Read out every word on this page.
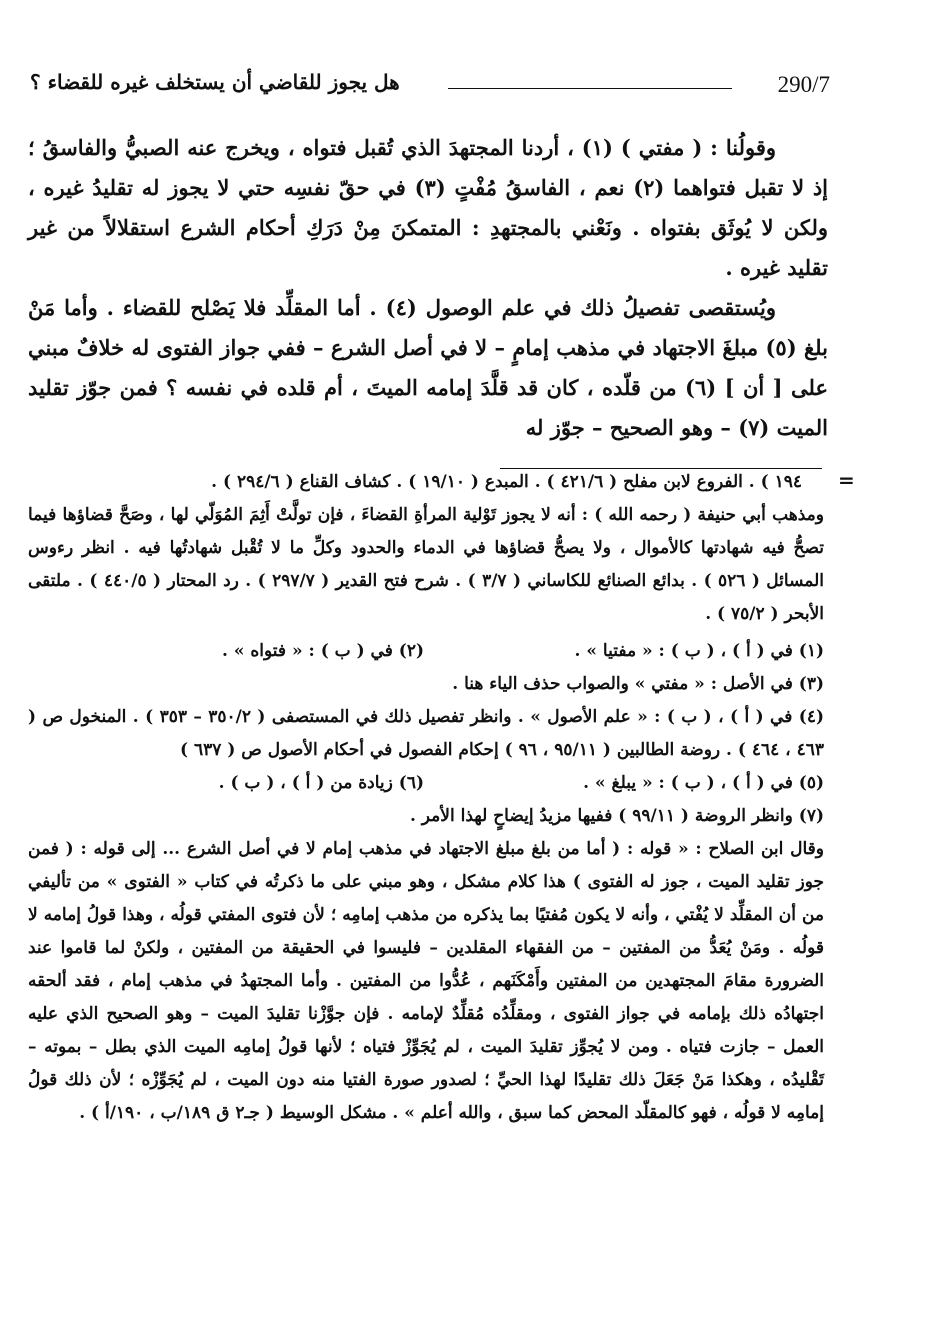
هل يجوز للقاضي أن يستخلف غيره للقضاء ؟	290/7

وقولُنا : ( مفتي ) (١) ، أردنا المجتهدَ الذي تُقبل فتواه ، ويخرج عنه الصبيُّ والفاسقُ ؛ إذ لا تقبل فتواهما (٢) نعم ، الفاسقُ مُفْتٍ (٣) في حقّ نفسِه حتي لا يجوز له تقليدُ غيره ، ولكن لا يُوثَق بفتواه . ونَعْني بالمجتهدِ : المتمكنَ مِنْ دَرَكِ أحكام الشرع استقلالاً من غير تقليد غيره .

ويُستقصى تفصيلُ ذلك في علم الوصول (٤) . أما المقلِّد فلا يَصْلح للقضاء . وأما مَنْ بلغ (٥) مبلغَ الاجتهاد في مذهب إمامٍ – لا في أصل الشرع – ففي جواز الفتوى له خلافٌ مبني على [ أن ] (٦) من قلّده ، كان قد قلَّدَ إمامه الميتَ ، أم قلده في نفسه ؟ فمن جوّز تقليد الميت (٧) – وهو الصحيح – جوّز له

١٩٤ ) . الفروع لابن مفلح ( ٤٢١/٦ ) . المبدع ( ١٩/١٠ ) . كشاف القناع ( ٢٩٤/٦ ) .

ومذهب أبي حنيفة ( رحمه الله ) : أنه لا يجوز تَوْلية المرأةِ القضاءَ ، فإن تولَّتْ أَثِمَ المُوَلّي لها ، وصَحَّ قضاؤها فيما تصحُّ فيه شهادتها كالأموال ، ولا يصحُّ قضاؤها في الدماء والحدود وكلِّ ما لا تُقْبل شهادتُها فيه . انظر رءوس المسائل ( ٥٢٦ ) . بدائع الصنائع للكاساني ( ٣/٧ ) . شرح فتح القدير ( ٢٩٧/٧ ) . رد المحتار ( ٤٤٠/٥ ) . ملتقى الأبحر ( ٧٥/٢ ) .

(١) في ( أ ) ، ( ب ) : « مفتيا » .
(٢) في ( ب ) : « فتواه » .

(٣) في الأصل : « مفتي » والصواب حذف الياء هنا .

(٤) في ( أ ) ، ( ب ) : « علم الأصول » . وانظر تفصيل ذلك في المستصفى ( ٣٥٠/٢ – ٣٥٣ ) . المنخول ص ( ٤٦٣ ، ٤٦٤ ) . روضة الطالبين ( ٩٥/١١ ، ٩٦ ) إحكام الفصول في أحكام الأصول ص ( ٦٣٧ )

(٥) في ( أ ) ، ( ب ) : « يبلغ » .
(٦) زيادة من ( أ ) ، ( ب ) .

(٧) وانظر الروضة ( ٩٩/١١ ) ففيها مزيدُ إيضاحٍ لهذا الأمر .

وقال ابن الصلاح : « قوله : ( أما من بلغ مبلغ الاجتهاد في مذهب إمام لا في أصل الشرع ... إلى قوله : ( فمن جوز تقليد الميت ، جوز له الفتوى ) هذا كلام مشكل ، وهو مبني على ما ذكرتُه في كتاب « الفتوى » من تأليفي من أن المقلِّد لا يُفْتي ، وأنه لا يكون مُفتيًا بما يذكره من مذهب إمامِه ؛ لأن فتوى المفتي قولُه ، وهذا قولُ إمامه لا قولُه . ومَنْ يُعَدُّ من المفتين – من الفقهاء المقلدين – فليسوا في الحقيقة من المفتين ، ولكنْ لما قاموا عند الضرورة مقامَ المجتهدين من المفتين وأَمْكَنَهم ، عُدُّوا من المفتين . وأما المجتهدُ في مذهب إمام ، فقد ألحقه اجتهادُه ذلك بإمامه في جواز الفتوى ، ومقلِّدُه مُقلِّدٌ لإمامه . فإن جوَّزْنا تقليدَ الميت – وهو الصحيح الذي عليه العمل – جازت فتياه . ومن لا يُجوِّز تقليدَ الميت ، لم يُجَوِّزْ فتياه ؛ لأنها قولُ إمامِه الميت الذي بطل – بموته – تَقْليدُه ، وهكذا مَنْ جَعَلَ ذلك تقليدًا لهذا الحيِّ ؛ لصدور صورة الفتيا منه دون الميت ، لم يُجَوِّزْه ؛ لأن ذلك قولُ إمامِه لا قولُه ، فهو كالمقلّد المحض كما سبق ، والله أعلم » . مشكل الوسيط ( جـ٢ ق ١٨٩/ب ، ١٩٠/أ ) .

=
